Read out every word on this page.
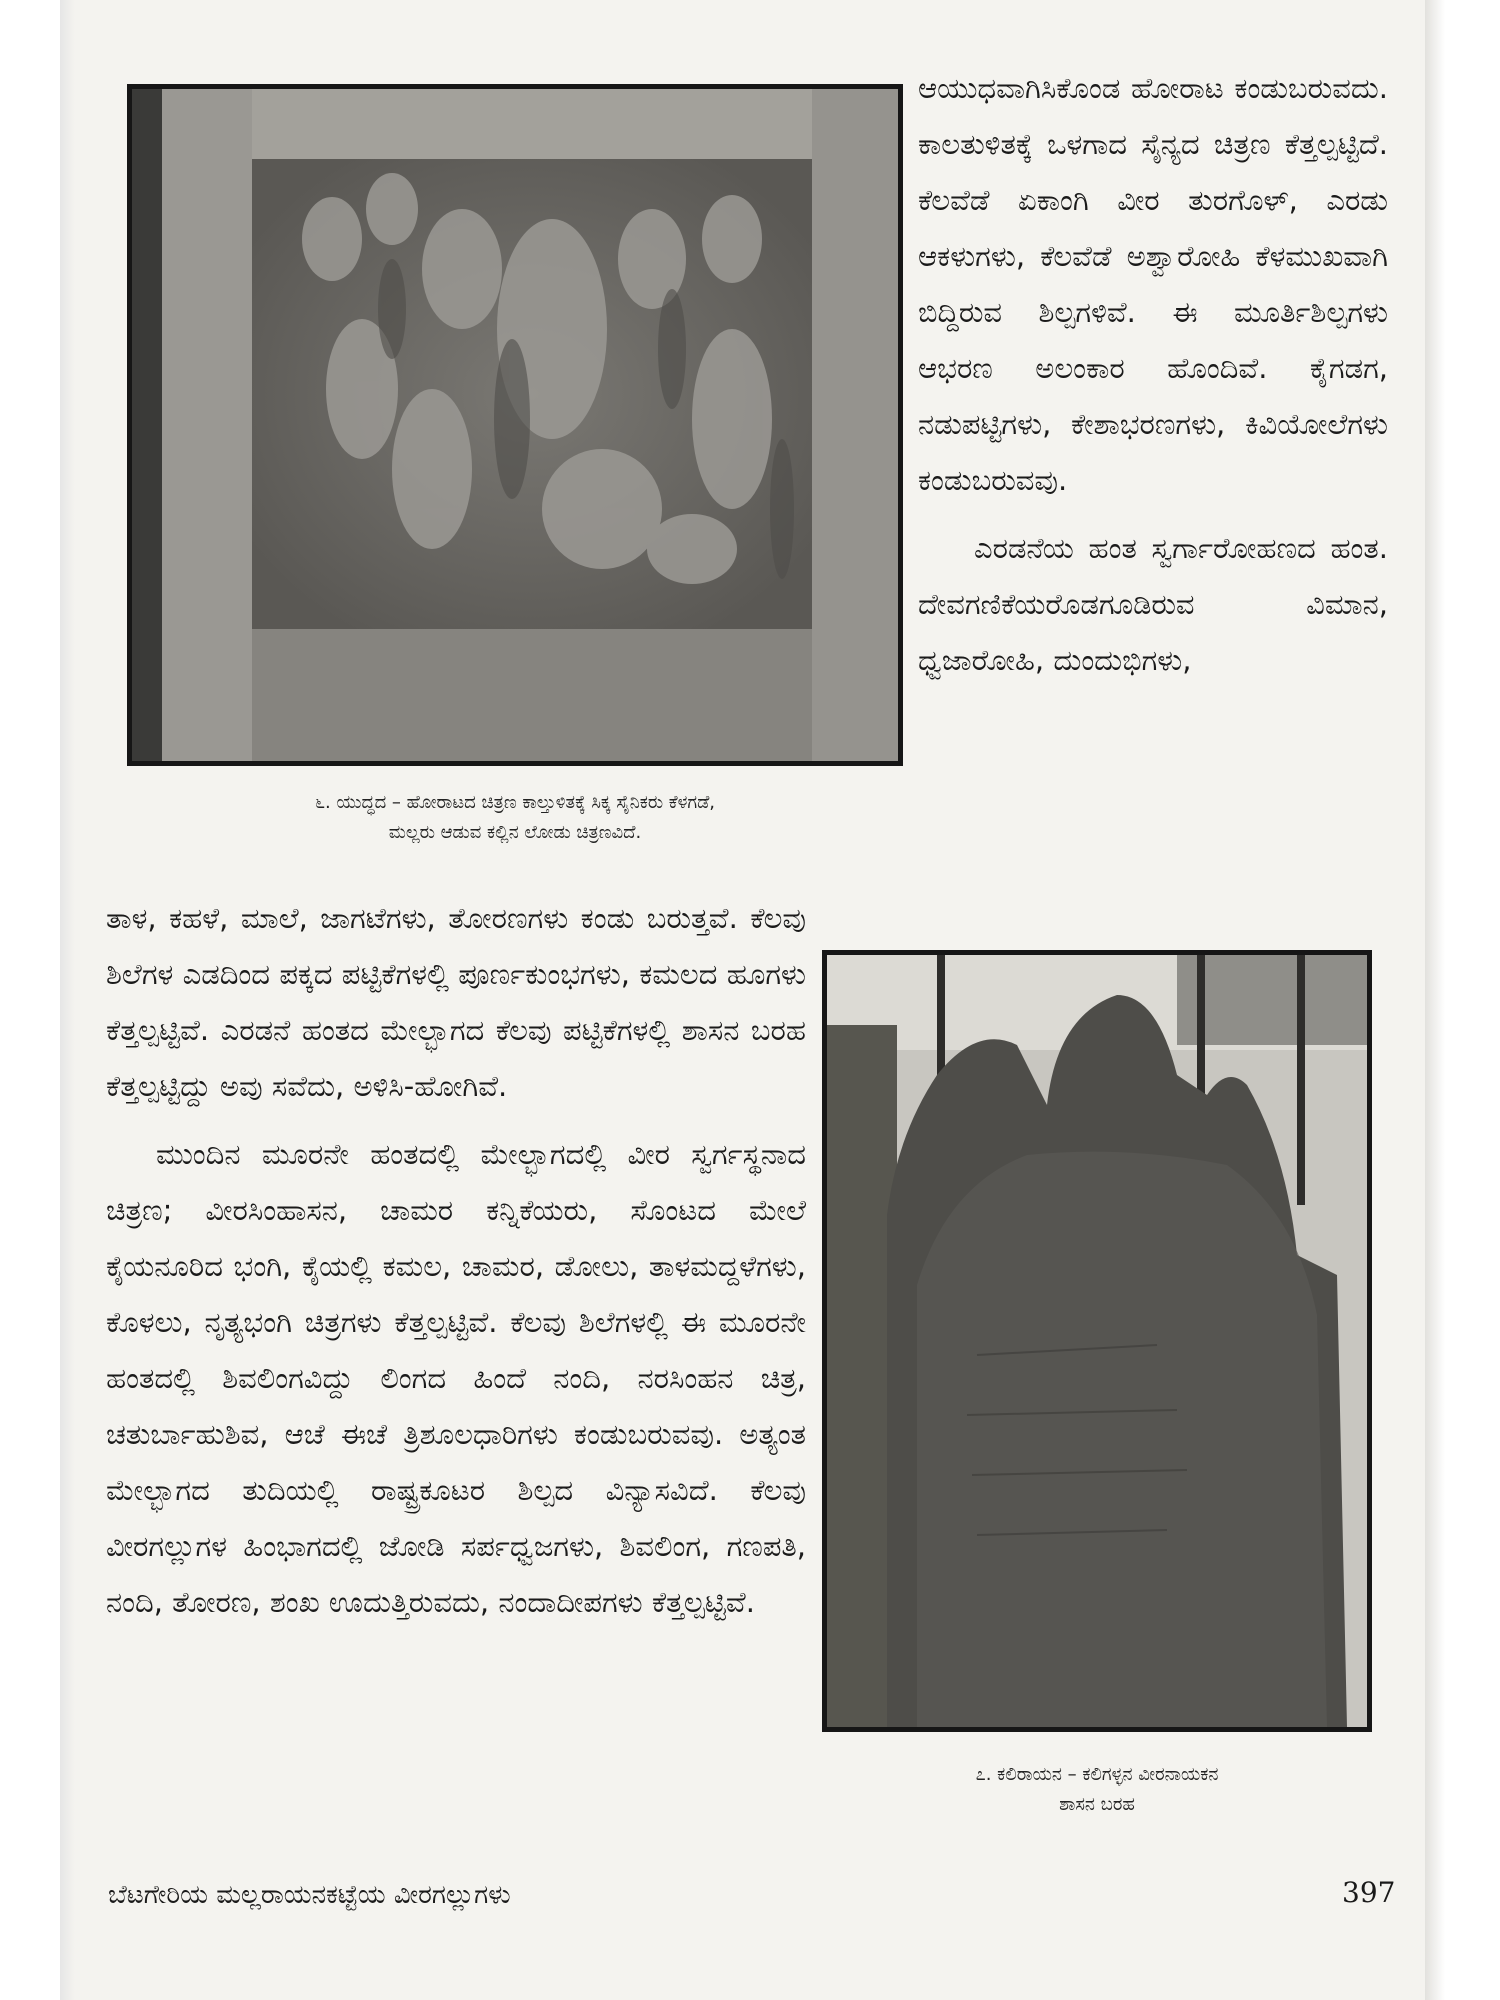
೬. ಯುದ್ಧದ – ಹೋರಾಟದ ಚಿತ್ರಣ ಕಾಲ್ತುಳಿತಕ್ಕೆ ಸಿಕ್ಕ ಸೈನಿಕರು ಕೆಳಗಡೆ,
ಮಲ್ಲರು ಆಡುವ ಕಲ್ಲಿನ ಲೋಡು ಚಿತ್ರಣವಿದೆ.

ಆಯುಧವಾಗಿಸಿಕೊಂಡ ಹೋರಾಟ ಕಂಡುಬರುವದು. ಕಾಲತುಳಿತಕ್ಕೆ ಒಳಗಾದ ಸೈನ್ಯದ ಚಿತ್ರಣ ಕೆತ್ತಲ್ಪಟ್ಟಿದೆ. ಕೆಲವೆಡೆ ಏಕಾಂಗಿ ವೀರ ತುರಗೊಳ್, ಎರಡು ಆಕಳುಗಳು, ಕೆಲವೆಡೆ ಅಶ್ವಾರೋಹಿ ಕೆಳಮುಖವಾಗಿ ಬಿದ್ದಿರುವ ಶಿಲ್ಪಗಳಿವೆ. ಈ ಮೂರ್ತಿಶಿಲ್ಪಗಳು ಆಭರಣ ಅಲಂಕಾರ ಹೊಂದಿವೆ. ಕೈಗಡಗ, ನಡುಪಟ್ಟಿಗಳು, ಕೇಶಾಭರಣಗಳು, ಕಿವಿಯೋಲೆಗಳು ಕಂಡುಬರುವವು.

ಎರಡನೆಯ ಹಂತ ಸ್ವರ್ಗಾರೋಹಣದ ಹಂತ. ದೇವಗಣಿಕೆಯರೊಡಗೂಡಿರುವ ವಿಮಾನ, ಧ್ವಜಾರೋಹಿ, ದುಂದುಭಿಗಳು,

ತಾಳ, ಕಹಳೆ, ಮಾಲೆ, ಜಾಗಟೆಗಳು, ತೋರಣಗಳು ಕಂಡು ಬರುತ್ತವೆ. ಕೆಲವು ಶಿಲೆಗಳ ಎಡದಿಂದ ಪಕ್ಕದ ಪಟ್ಟಿಕೆಗಳಲ್ಲಿ ಪೂರ್ಣಕುಂಭಗಳು, ಕಮಲದ ಹೂಗಳು ಕೆತ್ತಲ್ಪಟ್ಟಿವೆ. ಎರಡನೆ ಹಂತದ ಮೇಲ್ಭಾಗದ ಕೆಲವು ಪಟ್ಟಿಕೆಗಳಲ್ಲಿ ಶಾಸನ ಬರಹ ಕೆತ್ತಲ್ಪಟ್ಟಿದ್ದು ಅವು ಸವೆದು, ಅಳಿಸಿ-ಹೋಗಿವೆ.

ಮುಂದಿನ ಮೂರನೇ ಹಂತದಲ್ಲಿ ಮೇಲ್ಭಾಗದಲ್ಲಿ ವೀರ ಸ್ವರ್ಗಸ್ಥನಾದ ಚಿತ್ರಣ; ವೀರಸಿಂಹಾಸನ, ಚಾಮರ ಕನ್ನಿಕೆಯರು, ಸೊಂಟದ ಮೇಲೆ ಕೈಯನೂರಿದ ಭಂಗಿ, ಕೈಯಲ್ಲಿ ಕಮಲ, ಚಾಮರ, ಡೋಲು, ತಾಳಮದ್ದಳೆಗಳು, ಕೊಳಲು, ನೃತ್ಯಭಂಗಿ ಚಿತ್ರಗಳು ಕೆತ್ತಲ್ಪಟ್ಟಿವೆ. ಕೆಲವು ಶಿಲೆಗಳಲ್ಲಿ ಈ ಮೂರನೇ ಹಂತದಲ್ಲಿ ಶಿವಲಿಂಗವಿದ್ದು ಲಿಂಗದ ಹಿಂದೆ ನಂದಿ, ನರಸಿಂಹನ ಚಿತ್ರ, ಚತುರ್ಬಾಹುಶಿವ, ಆಚೆ ಈಚೆ ತ್ರಿಶೂಲಧಾರಿಗಳು ಕಂಡುಬರುವವು. ಅತ್ಯಂತ ಮೇಲ್ಭಾಗದ ತುದಿಯಲ್ಲಿ ರಾಷ್ಟ್ರಕೂಟರ ಶಿಲ್ಪದ ವಿನ್ಯಾಸವಿದೆ. ಕೆಲವು ವೀರಗಲ್ಲುಗಳ ಹಿಂಭಾಗದಲ್ಲಿ ಜೋಡಿ ಸರ್ಪಧ್ವಜಗಳು, ಶಿವಲಿಂಗ, ಗಣಪತಿ, ನಂದಿ, ತೋರಣ, ಶಂಖ ಊದುತ್ತಿರುವದು, ನಂದಾದೀಪಗಳು ಕೆತ್ತಲ್ಪಟ್ಟಿವೆ.

೭. ಕಲಿರಾಯನ – ಕಲಿಗಳ್ಳನ ವೀರನಾಯಕನ
ಶಾಸನ ಬರಹ
ಬೆಟಗೇರಿಯ ಮಲ್ಲರಾಯನಕಟ್ಟೆಯ ವೀರಗಲ್ಲುಗಳು	397
